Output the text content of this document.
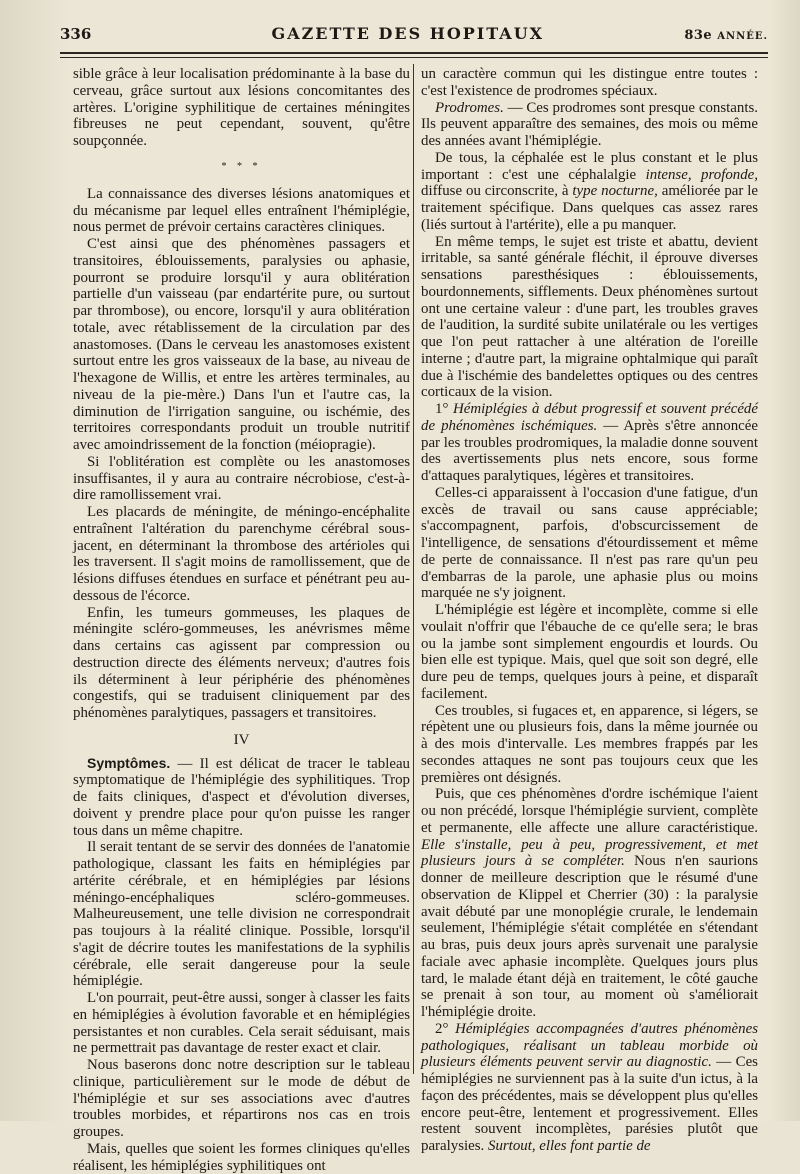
336	GAZETTE DES HOPITAUX	83e ANNÉE.

sible grâce à leur localisation prédominante à la base du cerveau, grâce surtout aux lésions concomitantes des artères. L'origine syphilitique de certaines méningites fibreuses ne peut cependant, souvent, qu'être soupçonnée.

* * *

La connaissance des diverses lésions anatomiques et du mécanisme par lequel elles entraînent l'hémiplégie, nous permet de prévoir certains caractères cliniques.

C'est ainsi que des phénomènes passagers et transitoires, éblouissements, paralysies ou aphasie, pourront se produire lorsqu'il y aura oblitération partielle d'un vaisseau (par endartérite pure, ou surtout par thrombose), ou encore, lorsqu'il y aura oblitération totale, avec rétablissement de la circulation par des anastomoses. (Dans le cerveau les anastomoses existent surtout entre les gros vaisseaux de la base, au niveau de l'hexagone de Willis, et entre les artères terminales, au niveau de la pie-mère.) Dans l'un et l'autre cas, la diminution de l'irrigation sanguine, ou ischémie, des territoires correspondants produit un trouble nutritif avec amoindrissement de la fonction (méiopragie).

Si l'oblitération est complète ou les anastomoses insuffisantes, il y aura au contraire nécrobiose, c'est-à-dire ramollissement vrai.

Les placards de méningite, de méningo-encéphalite entraînent l'altération du parenchyme cérébral sous-jacent, en déterminant la thrombose des artérioles qui les traversent. Il s'agit moins de ramollissement, que de lésions diffuses étendues en surface et pénétrant peu au-dessous de l'écorce.

Enfin, les tumeurs gommeuses, les plaques de méningite scléro-gommeuses, les anévrismes même dans certains cas agissent par compression ou destruction directe des éléments nerveux; d'autres fois ils déterminent à leur périphérie des phénomènes congestifs, qui se traduisent cliniquement par des phénomènes paralytiques, passagers et transitoires.

IV

Symptômes. — Il est délicat de tracer le tableau symptomatique de l'hémiplégie des syphilitiques. Trop de faits cliniques, d'aspect et d'évolution diverses, doivent y prendre place pour qu'on puisse les ranger tous dans un même chapitre.

Il serait tentant de se servir des données de l'anatomie pathologique, classant les faits en hémiplégies par artérite cérébrale, et en hémiplégies par lésions méningo-encéphaliques scléro-gommeuses. Malheureusement, une telle division ne correspondrait pas toujours à la réalité clinique. Possible, lorsqu'il s'agit de décrire toutes les manifestations de la syphilis cérébrale, elle serait dangereuse pour la seule hémiplégie.

L'on pourrait, peut-être aussi, songer à classer les faits en hémiplégies à évolution favorable et en hémiplégies persistantes et non curables. Cela serait séduisant, mais ne permettrait pas davantage de rester exact et clair.

Nous baserons donc notre description sur le tableau clinique, particulièrement sur le mode de début de l'hémiplégie et sur ses associations avec d'autres troubles morbides, et répartirons nos cas en trois groupes.

Mais, quelles que soient les formes cliniques qu'elles réalisent, les hémiplégies syphilitiques ont

un caractère commun qui les distingue entre toutes : c'est l'existence de prodromes spéciaux.

Prodromes. — Ces prodromes sont presque constants. Ils peuvent apparaître des semaines, des mois ou même des années avant l'hémiplégie.

De tous, la céphalée est le plus constant et le plus important : c'est une céphalalgie intense, profonde, diffuse ou circonscrite, à type nocturne, améliorée par le traitement spécifique. Dans quelques cas assez rares (liés surtout à l'artérite), elle a pu manquer.

En même temps, le sujet est triste et abattu, devient irritable, sa santé générale fléchit, il éprouve diverses sensations paresthésiques : éblouissements, bourdonnements, sifflements. Deux phénomènes surtout ont une certaine valeur : d'une part, les troubles graves de l'audition, la surdité subite unilatérale ou les vertiges que l'on peut rattacher à une altération de l'oreille interne ; d'autre part, la migraine ophtalmique qui paraît due à l'ischémie des bandelettes optiques ou des centres corticaux de la vision.

1° Hémiplégies à début progressif et souvent précédé de phénomènes ischémiques. — Après s'être annoncée par les troubles prodromiques, la maladie donne souvent des avertissements plus nets encore, sous forme d'attaques paralytiques, légères et transitoires.

Celles-ci apparaissent à l'occasion d'une fatigue, d'un excès de travail ou sans cause appréciable; s'accompagnent, parfois, d'obscurcissement de l'intelligence, de sensations d'étourdissement et même de perte de connaissance. Il n'est pas rare qu'un peu d'embarras de la parole, une aphasie plus ou moins marquée ne s'y joignent.

L'hémiplégie est légère et incomplète, comme si elle voulait n'offrir que l'ébauche de ce qu'elle sera; le bras ou la jambe sont simplement engourdis et lourds. Ou bien elle est typique. Mais, quel que soit son degré, elle dure peu de temps, quelques jours à peine, et disparaît facilement.

Ces troubles, si fugaces et, en apparence, si légers, se répètent une ou plusieurs fois, dans la même journée ou à des mois d'intervalle. Les membres frappés par les secondes attaques ne sont pas toujours ceux que les premières ont désignés.

Puis, que ces phénomènes d'ordre ischémique l'aient ou non précédé, lorsque l'hémiplégie survient, complète et permanente, elle affecte une allure caractéristique. Elle s'installe, peu à peu, progressivement, et met plusieurs jours à se compléter. Nous n'en saurions donner de meilleure description que le résumé d'une observation de Klippel et Cherrier (30) : la paralysie avait débuté par une monoplégie crurale, le lendemain seulement, l'hémiplégie s'était complétée en s'étendant au bras, puis deux jours après survenait une paralysie faciale avec aphasie incomplète. Quelques jours plus tard, le malade étant déjà en traitement, le côté gauche se prenait à son tour, au moment où s'améliorait l'hémiplégie droite.

2° Hémiplégies accompagnées d'autres phénomènes pathologiques, réalisant un tableau morbide où plusieurs éléments peuvent servir au diagnostic. — Ces hémiplégies ne surviennent pas à la suite d'un ictus, à la façon des précédentes, mais se développent plus qu'elles encore peut-être, lentement et progressivement. Elles restent souvent incomplètes, parésies plutôt que paralysies. Surtout, elles font partie de
